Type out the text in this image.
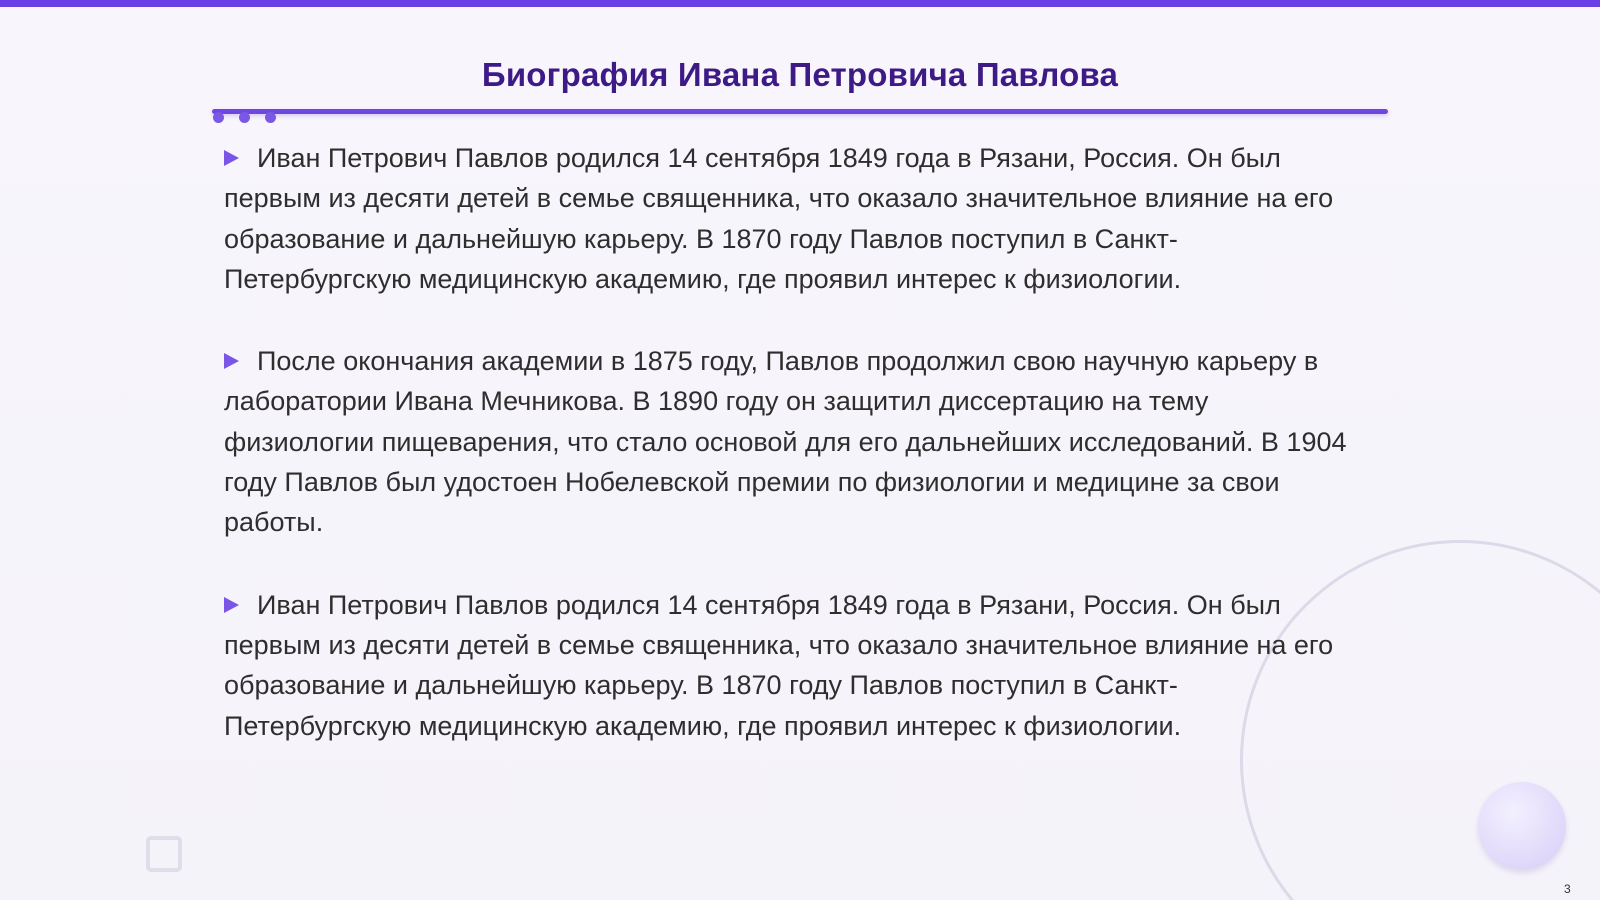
Биография Ивана Петровича Павлова

Иван Петрович Павлов родился 14 сентября 1849 года в Рязани, Россия. Он был первым из десяти детей в семье священника, что оказало значительное влияние на его образование и дальнейшую карьеру. В 1870 году Павлов поступил в Санкт-Петербургскую медицинскую академию, где проявил интерес к физиологии.

После окончания академии в 1875 году, Павлов продолжил свою научную карьеру в лаборатории Ивана Мечникова. В 1890 году он защитил диссертацию на тему физиологии пищеварения, что стало основой для его дальнейших исследований. В 1904 году Павлов был удостоен Нобелевской премии по физиологии и медицине за свои работы.

Иван Петрович Павлов родился 14 сентября 1849 года в Рязани, Россия. Он был первым из десяти детей в семье священника, что оказало значительное влияние на его образование и дальнейшую карьеру. В 1870 году Павлов поступил в Санкт-Петербургскую медицинскую академию, где проявил интерес к физиологии.

3
